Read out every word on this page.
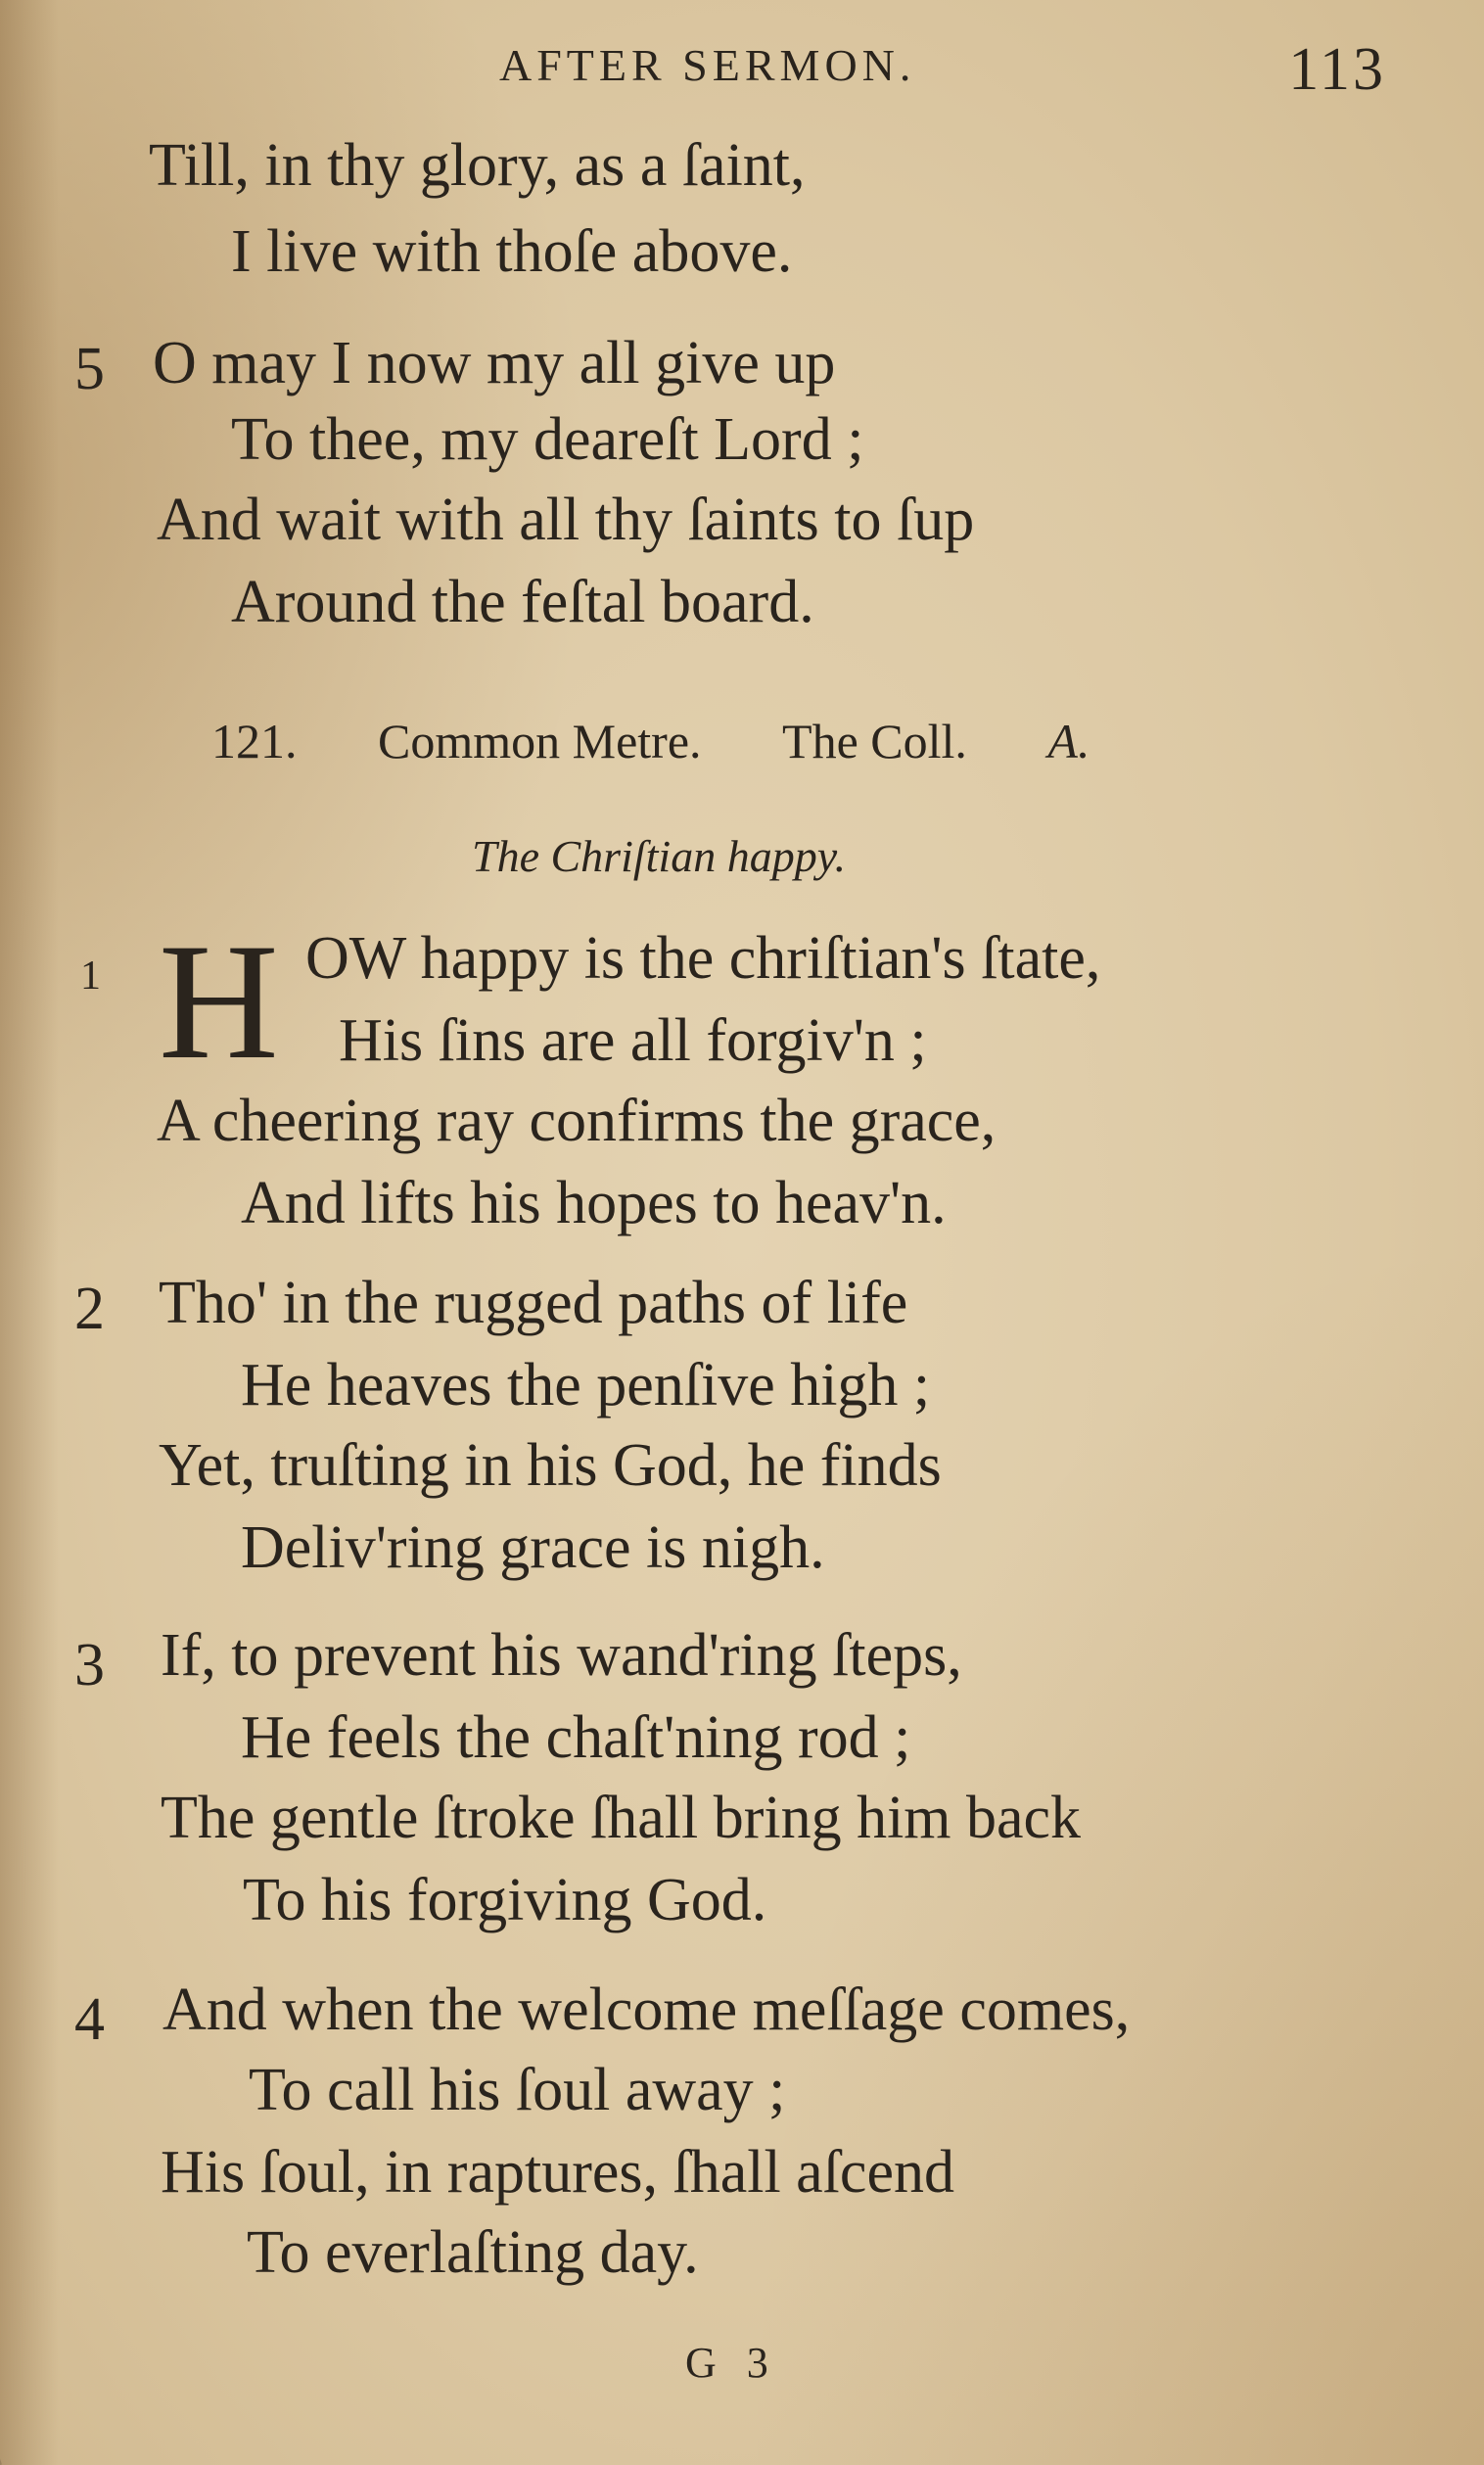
AFTER SERMON.	113
Till, in thy glory, as a ſaint,
I live with thoſe above.
5 O may I now my all give up
To thee, my deareſt Lord ;
And wait with all thy ſaints to ſup
Around the feſtal board.
121. Common Metre. The Coll. A.
The Chriſtian happy.
1 H OW happy is the chriſtian's ſtate,
His ſins are all forgiv'n ;
A cheering ray confirms the grace,
And lifts his hopes to heav'n.
2 Tho' in the rugged paths of life
He heaves the penſive high ;
Yet, truſting in his God, he finds
Deliv'ring grace is nigh.
3 If, to prevent his wand'ring ſteps,
He feels the chaſt'ning rod ;
The gentle ſtroke ſhall bring him back
To his forgiving God.
4 And when the welcome meſſage comes,
To call his ſoul away ;
His ſoul, in raptures, ſhall aſcend
To everlaſting day.
G 3
